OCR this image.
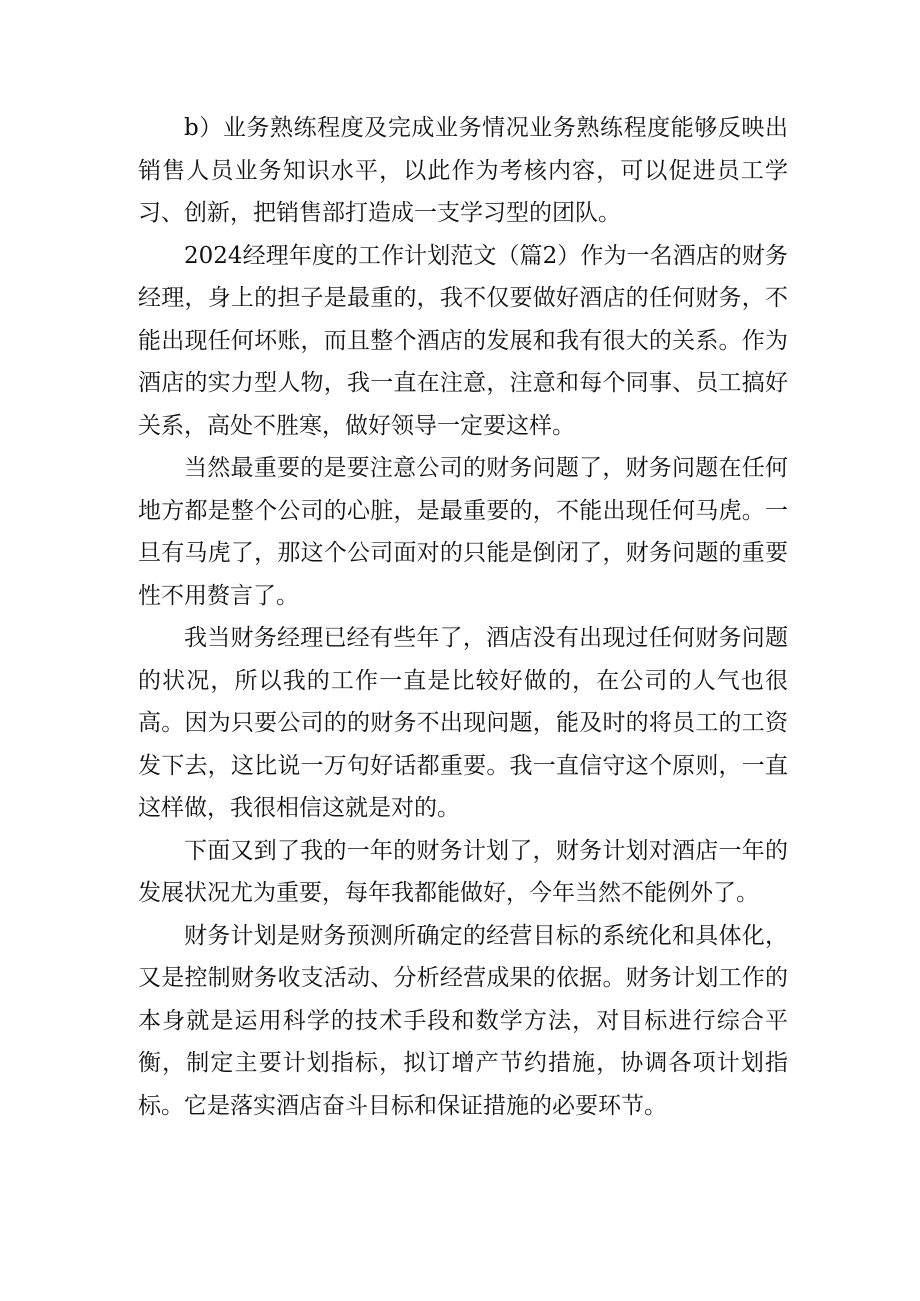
b）业务熟练程度及完成业务情况业务熟练程度能够反映出销售人员业务知识水平，以此作为考核内容，可以促进员工学习、创新，把销售部打造成一支学习型的团队。

2024经理年度的工作计划范文（篇2）作为一名酒店的财务经理，身上的担子是最重的，我不仅要做好酒店的任何财务，不能出现任何坏账，而且整个酒店的发展和我有很大的关系。作为酒店的实力型人物，我一直在注意，注意和每个同事、员工搞好关系，高处不胜寒，做好领导一定要这样。

当然最重要的是要注意公司的财务问题了，财务问题在任何地方都是整个公司的心脏，是最重要的，不能出现任何马虎。一旦有马虎了，那这个公司面对的只能是倒闭了，财务问题的重要性不用赘言了。

我当财务经理已经有些年了，酒店没有出现过任何财务问题的状况，所以我的工作一直是比较好做的，在公司的人气也很高。因为只要公司的的财务不出现问题，能及时的将员工的工资发下去，这比说一万句好话都重要。我一直信守这个原则，一直这样做，我很相信这就是对的。

下面又到了我的一年的财务计划了，财务计划对酒店一年的发展状况尤为重要，每年我都能做好，今年当然不能例外了。

财务计划是财务预测所确定的经营目标的系统化和具体化，又是控制财务收支活动、分析经营成果的依据。财务计划工作的本身就是运用科学的技术手段和数学方法，对目标进行综合平衡，制定主要计划指标，拟订增产节约措施，协调各项计划指标。它是落实酒店奋斗目标和保证措施的必要环节。
